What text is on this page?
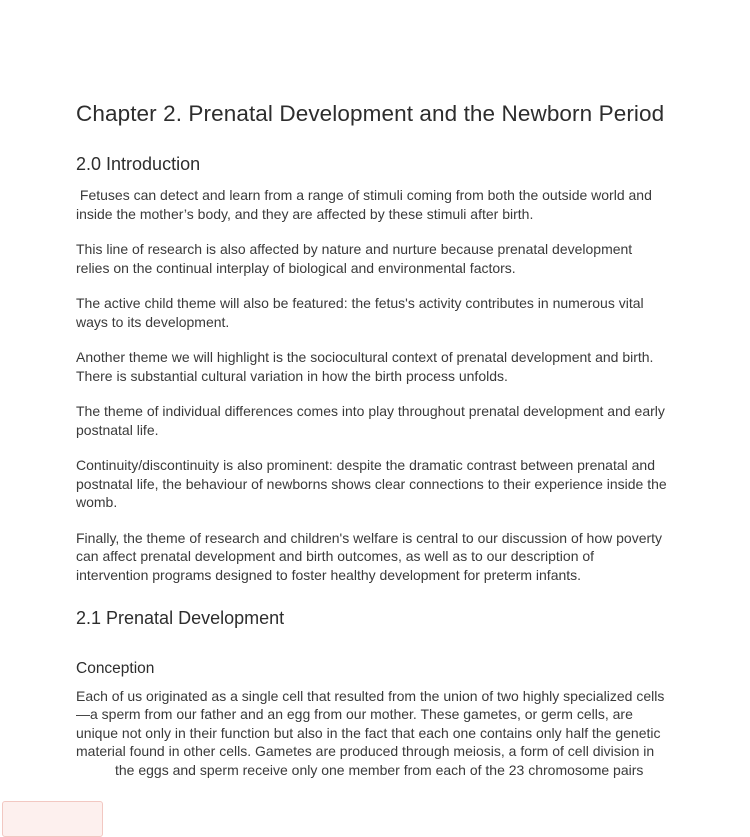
Chapter 2. Prenatal Development and the Newborn Period
2.0 Introduction

Fetuses can detect and learn from a range of stimuli coming from both the outside world and inside the mother’s body, and they are affected by these stimuli after birth.

This line of research is also affected by nature and nurture because prenatal development relies on the continual interplay of biological and environmental factors.

The active child theme will also be featured: the fetus's activity contributes in numerous vital ways to its development.

Another theme we will highlight is the sociocultural context of prenatal development and birth. There is substantial cultural variation in how the birth process unfolds.

The theme of individual differences comes into play throughout prenatal development and early postnatal life.

Continuity/discontinuity is also prominent: despite the dramatic contrast between prenatal and postnatal life, the behaviour of newborns shows clear connections to their experience inside the womb.

Finally, the theme of research and children's welfare is central to our discussion of how poverty can affect prenatal development and birth outcomes, as well as to our description of intervention programs designed to foster healthy development for preterm infants.

2.1 Prenatal Development
Conception

Each of us originated as a single cell that resulted from the union of two highly specialized cells—a sperm from our father and an egg from our mother. These gametes, or germ cells, are unique not only in their function but also in the fact that each one contains only half the genetic material found in other cells. Gametes are produced through meiosis, a form of cell division in
the eggs and sperm receive only one member from each of the 23 chromosome pairs
